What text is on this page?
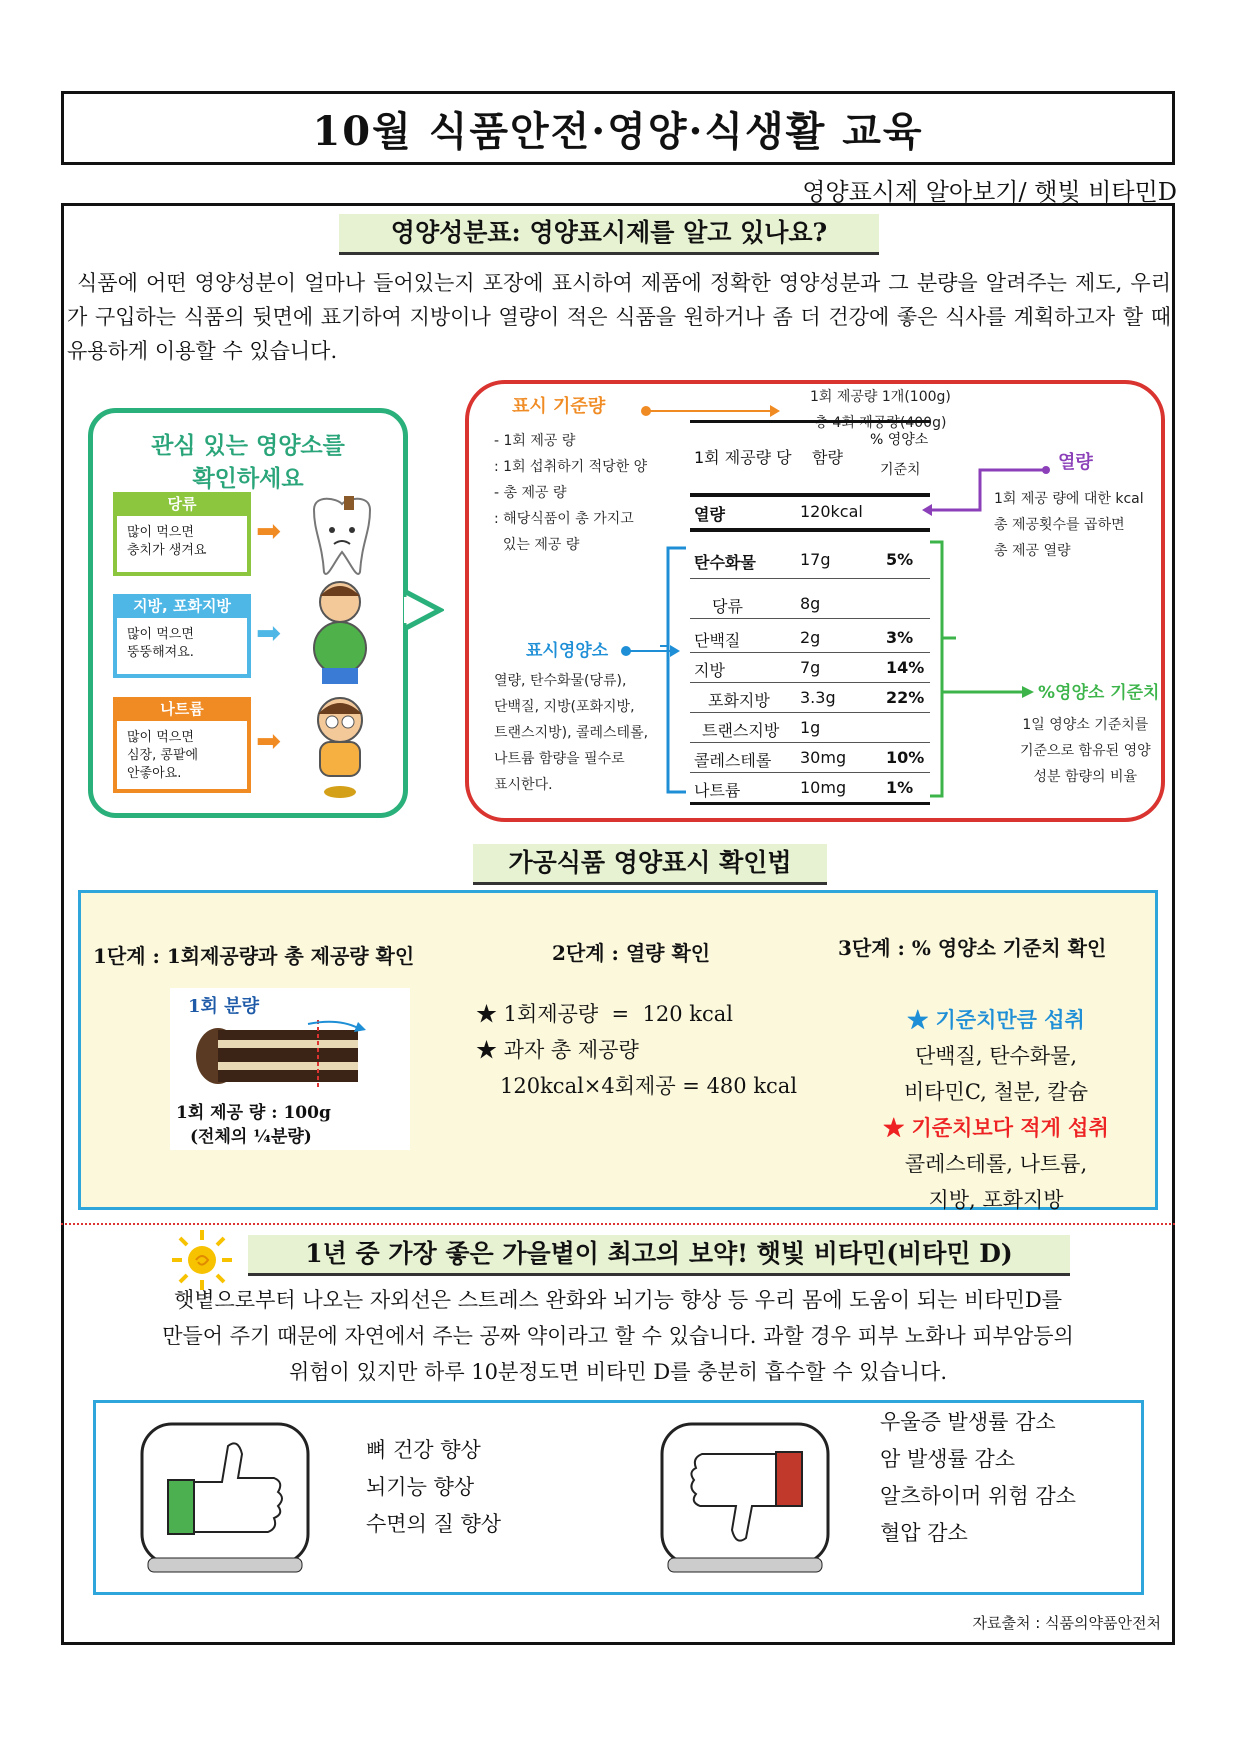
10월 식품안전·영양·식생활 교육
영양표시제 알아보기/ 햇빛 비타민D
영양성분표: 영양표시제를 알고 있나요?
식품에 어떤 영양성분이 얼마나 들어있는지 포장에 표시하여 제품에 정확한 영양성분과 그 분량을 알려주는 제도, 우리가 구입하는 식품의 뒷면에 표기하여 지방이나 열량이 적은 식품을 원하거나 좀 더 건강에 좋은 식사를 계획하고자 할 때 유용하게 이용할 수 있습니다.
관심 있는 영양소를
확인하세요
당류
많이 먹으면
충치가 생겨요
➡
지방, 포화지방
많이 먹으면
뚱뚱해져요.
➡
나트륨
많이 먹으면
심장, 콩팥에
안좋아요.
➡
표시 기준량	1회 제공량 1개(100g)
총 4회 제공량(400g)
- 1회 제공 량
: 1회 섭취하기 적당한 양
- 총 제공 량
: 해당식품이 총 가지고
있는 제공 량
표시영양소
열량, 탄수화물(당류),
단백질, 지방(포화지방,
트랜스지방), 콜레스테롤,
나트륨 함량을 필수로
표시한다.
1회 제공량 당 함량
% 영양소
기준치
열량	120kcal
탄수화물	17g	5%
당류	8g
단백질	2g	3%
지방	7g	14%
포화지방 3.3g	22%
트랜스지방 1g
콜레스테롤 30mg 10%
나트륨	10mg 1%
열량
1회 제공 량에 대한 kcal
총 제공횟수를 곱하면
총 제공 열량
%영양소 기준치
1일 영양소 기준치를
기준으로 함유된 영양
성분 함량의 비율
가공식품 영양표시 확인법
1단계 : 1회제공량과 총 제공량 확인	2단계 : 열량 확인	3단계 : % 영양소 기준치 확인
1회 분량
1회 제공 량 : 100g
(전체의 ¼분량)
★ 1회제공량  =  120 kcal
★ 과자 총 제공량
120kcal×4회제공 = 480 kcal
★ 기준치만큼 섭취
단백질, 탄수화물,
비타민C, 철분, 칼슘
★ 기준치보다 적게 섭취
콜레스테롤, 나트륨,
지방, 포화지방
1년 중 가장 좋은 가을볕이 최고의 보약! 햇빛 비타민(비타민 D)
햇볕으로부터 나오는 자외선은 스트레스 완화와 뇌기능 향상 등 우리 몸에 도움이 되는 비타민D를
만들어 주기 때문에 자연에서 주는 공짜 약이라고 할 수 있습니다. 과할 경우 피부 노화나 피부암등의
위험이 있지만 하루 10분정도면 비타민 D를 충분히 흡수할 수 있습니다.
뼈 건강 향상
뇌기능 향상
수면의 질 향상
우울증 발생률 감소
암 발생률 감소
알츠하이머 위험 감소
혈압 감소
자료출처 : 식품의약품안전처
